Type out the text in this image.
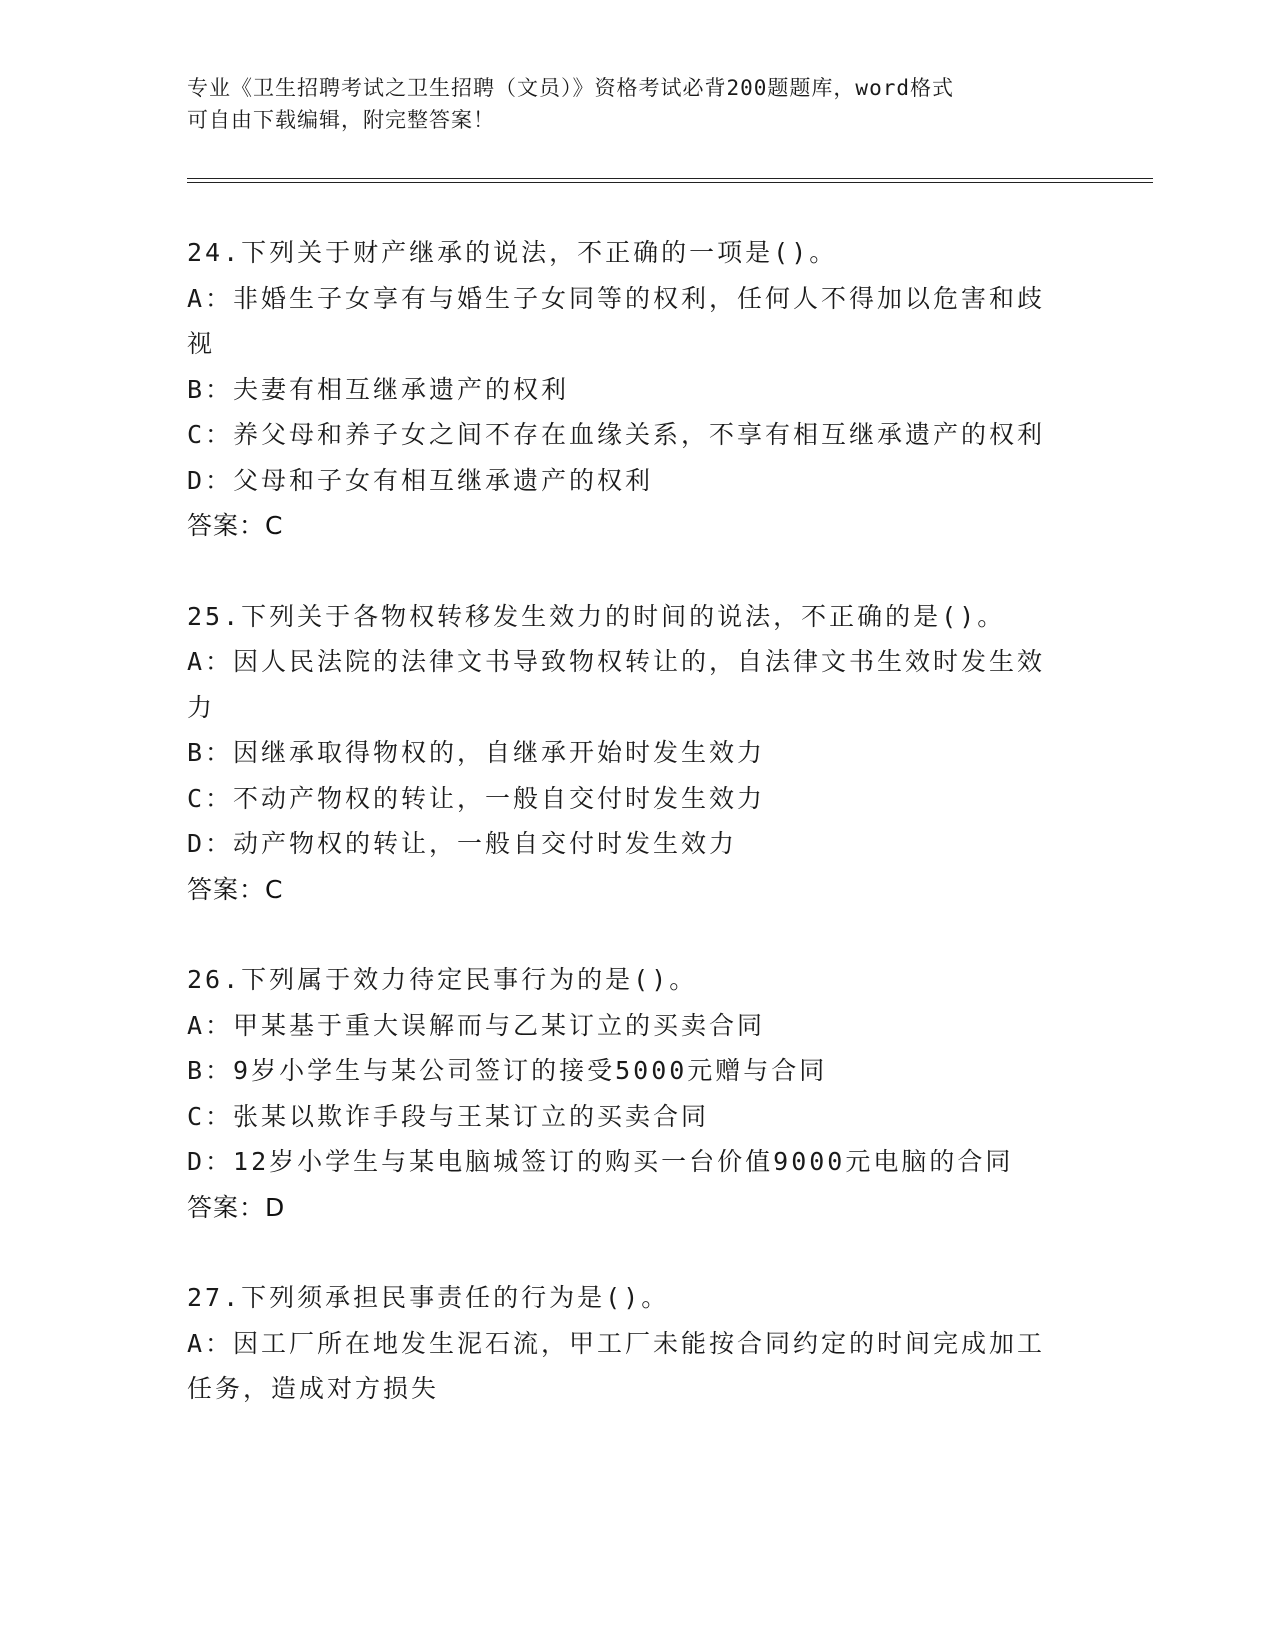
专业《卫生招聘考试之卫生招聘（文员）》资格考试必背200题题库，word格式
可自由下载编辑，附完整答案！
24.下列关于财产继承的说法，不正确的一项是()。
A：非婚生子女享有与婚生子女同等的权利，任何人不得加以危害和歧
视
B：夫妻有相互继承遗产的权利
C：养父母和养子女之间不存在血缘关系，不享有相互继承遗产的权利
D：父母和子女有相互继承遗产的权利
答案：C
25.下列关于各物权转移发生效力的时间的说法，不正确的是()。
A：因人民法院的法律文书导致物权转让的，自法律文书生效时发生效
力
B：因继承取得物权的，自继承开始时发生效力
C：不动产物权的转让，一般自交付时发生效力
D：动产物权的转让，一般自交付时发生效力
答案：C
26.下列属于效力待定民事行为的是()。
A：甲某基于重大误解而与乙某订立的买卖合同
B：9岁小学生与某公司签订的接受5000元赠与合同
C：张某以欺诈手段与王某订立的买卖合同
D：12岁小学生与某电脑城签订的购买一台价值9000元电脑的合同
答案：D
27.下列须承担民事责任的行为是()。
A：因工厂所在地发生泥石流，甲工厂未能按合同约定的时间完成加工
任务，造成对方损失
